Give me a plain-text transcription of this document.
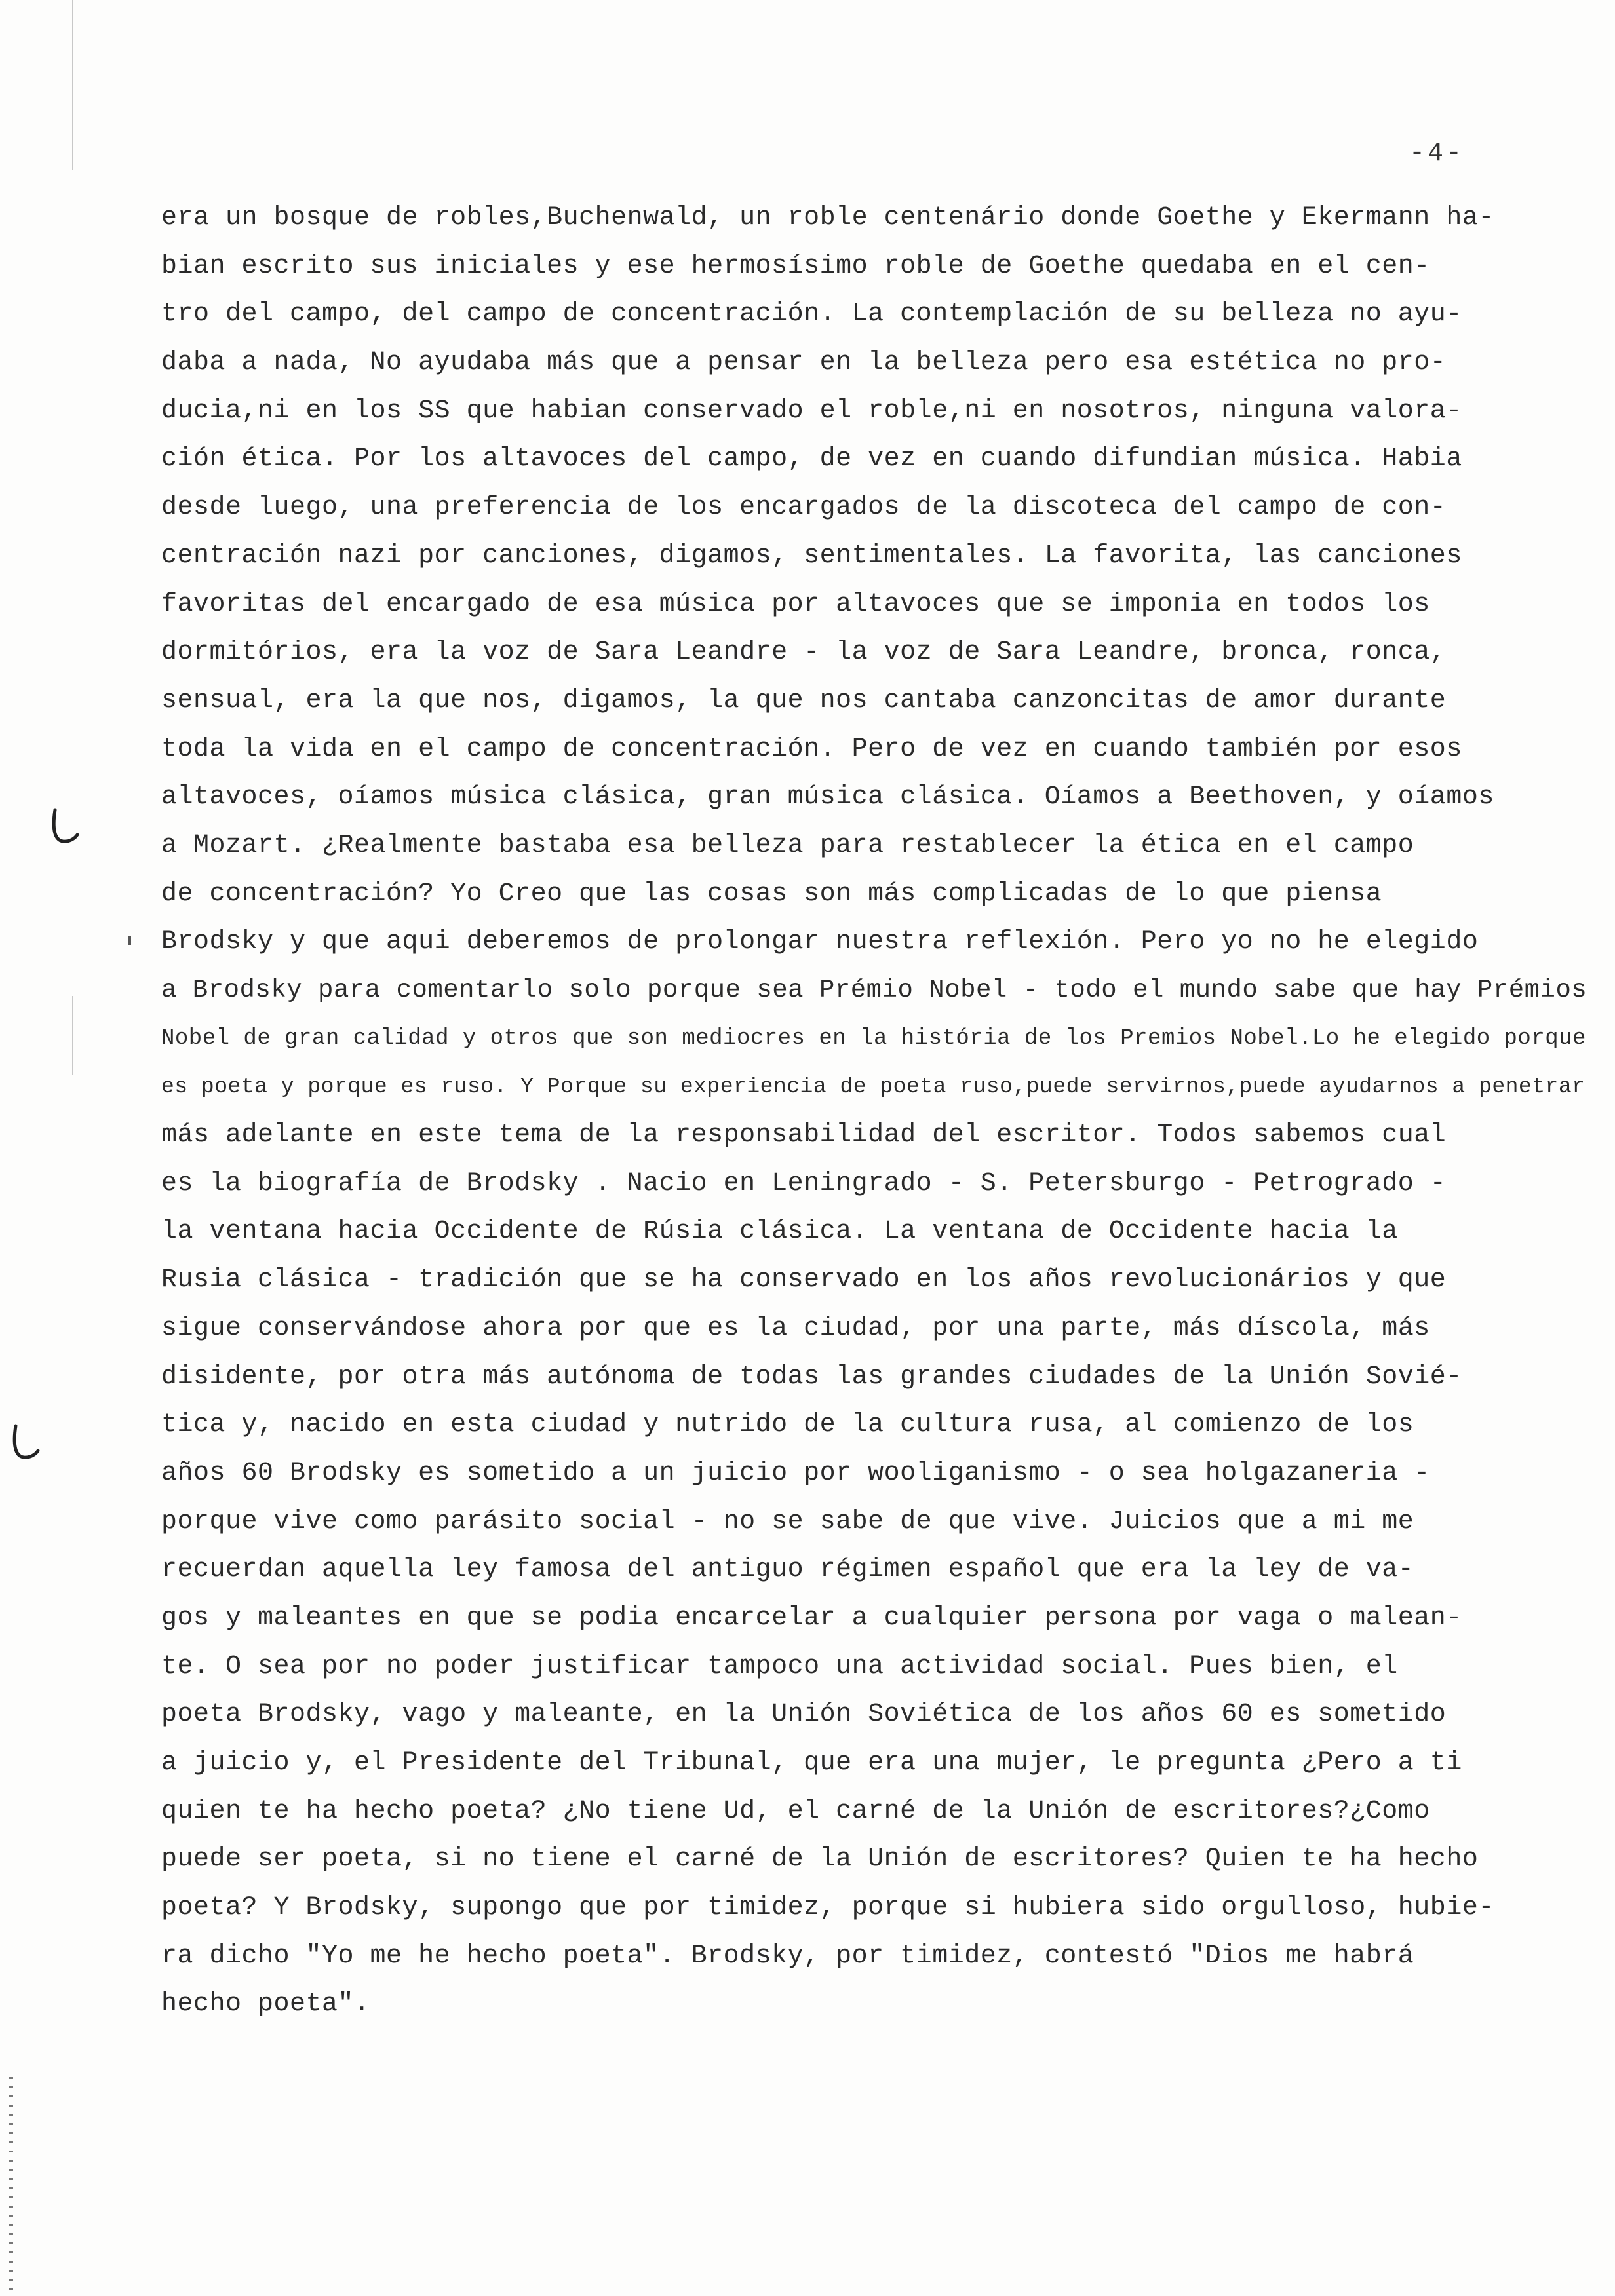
-4-
era un bosque de robles,Buchenwald, un roble centenário donde Goethe y Ekermann ha-
bian escrito sus iniciales y ese hermosísimo roble de Goethe quedaba en el cen-
tro del campo, del campo de concentración. La contemplación de su belleza no ayu-
daba a nada, No ayudaba más que a pensar en la belleza pero esa estética no pro-
ducia,ni en los SS que habian conservado el roble,ni en nosotros, ninguna valora-
ción ética. Por los altavoces del campo, de vez en cuando difundian música. Habia
desde luego, una preferencia de los encargados de la discoteca del campo de con-
centración nazi por canciones, digamos, sentimentales. La favorita, las canciones
favoritas del encargado de esa música por altavoces que se imponia en todos los
dormitórios, era la voz de Sara Leandre - la voz de Sara Leandre, bronca, ronca,
sensual, era la que nos, digamos, la que nos cantaba canzoncitas de amor durante
toda la vida en el campo de concentración. Pero de vez en cuando también por esos
altavoces, oíamos música clásica, gran música clásica. Oíamos a Beethoven, y oíamos
a Mozart. ¿Realmente bastaba esa belleza para restablecer la ética en el campo
de concentración? Yo Creo que las cosas son más complicadas de lo que piensa
Brodsky y que aqui deberemos de prolongar nuestra reflexión. Pero yo no he elegido
a Brodsky para comentarlo solo porque sea Prémio Nobel - todo el mundo sabe que hay Prémios
Nobel de gran calidad y otros que son mediocres en la história de los Premios Nobel.Lo he elegido porque
es poeta y porque es ruso. Y Porque su experiencia de poeta ruso,puede servirnos,puede ayudarnos a penetrar
más adelante en este tema de la responsabilidad del escritor. Todos sabemos cual
es la biografía de Brodsky . Nacio en Leningrado - S. Petersburgo - Petrogrado -
la ventana hacia Occidente de Rúsia clásica. La ventana de Occidente hacia la
Rusia clásica - tradición que se ha conservado en los años revolucionários y que
sigue conservándose ahora por que es la ciudad, por una parte, más díscola, más
disidente, por otra más autónoma de todas las grandes ciudades de la Unión Sovié-
tica y, nacido en esta ciudad y nutrido de la cultura rusa, al comienzo de los
años 60 Brodsky es sometido a un juicio por wooliganismo - o sea holgazaneria -
porque vive como parásito social - no se sabe de que vive. Juicios que a mi me
recuerdan aquella ley famosa del antiguo régimen español que era la ley de va-
gos y maleantes en que se podia encarcelar a cualquier persona por vaga o malean-
te. O sea por no poder justificar tampoco una actividad social. Pues bien, el
poeta Brodsky, vago y maleante, en la Unión Soviética de los años 60 es sometido
a juicio y, el Presidente del Tribunal, que era una mujer, le pregunta ¿Pero a ti
quien te ha hecho poeta? ¿No tiene Ud, el carné de la Unión de escritores?¿Como
puede ser poeta, si no tiene el carné de la Unión de escritores? Quien te ha hecho
poeta? Y Brodsky, supongo que por timidez, porque si hubiera sido orgulloso, hubie-
ra dicho "Yo me he hecho poeta". Brodsky, por timidez, contestó "Dios me habrá
hecho poeta".
